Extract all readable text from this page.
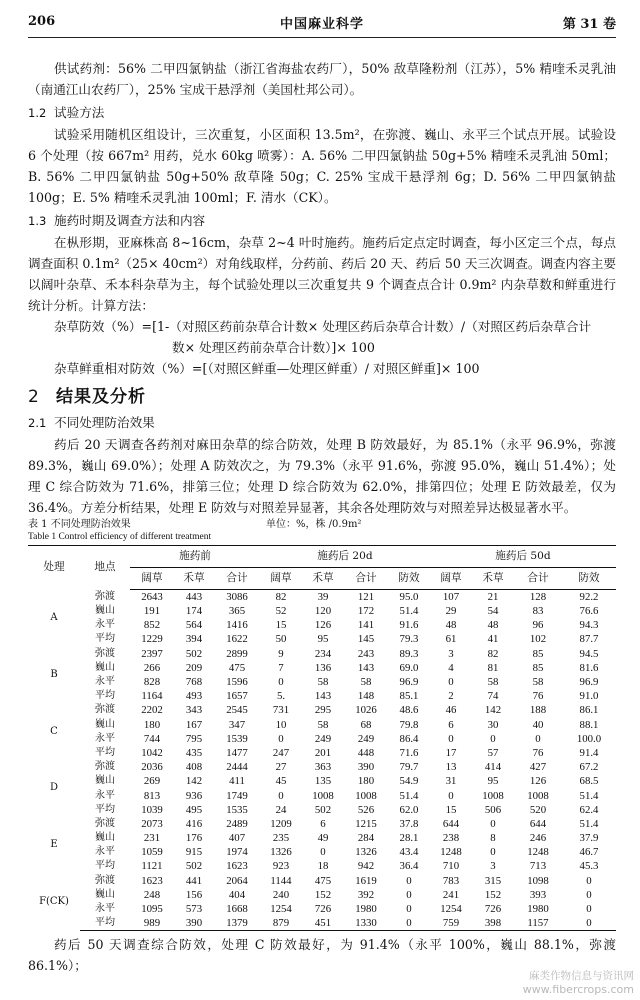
206	中国麻业科学	第 31 卷

供试药剂：56% 二甲四氯钠盐（浙江省海盐农药厂），50% 敌草隆粉剂（江苏），5% 精喹禾灵乳油（南通江山农药厂），25% 宝成干悬浮剂（美国杜邦公司）。

1.2 试验方法

试验采用随机区组设计，三次重复，小区面积 13.5m²，在弥渡、巍山、永平三个试点开展。试验设 6 个处理（按 667m² 用药，兑水 60kg 喷雾）：A. 56% 二甲四氯钠盐 50g+5% 精喹禾灵乳油 50ml；B. 56% 二甲四氯钠盐 50g+50% 敌草隆 50g；C. 25% 宝成干悬浮剂 6g；D. 56% 二甲四氯钠盐 100g；E. 5% 精喹禾灵乳油 100ml；F. 清水（CK）。

1.3 施药时期及调查方法和内容

在枞形期，亚麻株高 8~16cm，杂草 2~4 叶时施药。施药后定点定时调查，每小区定三个点，每点调查面积 0.1m²（25× 40cm²）对角线取样，分药前、药后 20 天、药后 50 天三次调查。调查内容主要以阔叶杂草、禾本科杂草为主，每个试验处理以三次重复共 9 个调查点合计 0.9m² 内杂草数和鲜重进行统计分析。计算方法：

杂草防效（%）=[1-（对照区药前杂草合计数× 处理区药后杂草合计数）/（对照区药后杂草合计
数× 处理区药前杂草合计数）]× 100
杂草鲜重相对防效（%）=[（对照区鲜重—处理区鲜重）/ 对照区鲜重]× 100
2 结果及分析
2.1 不同处理防治效果

药后 20 天调查各药剂对麻田杂草的综合防效，处理 B 防效最好，为 85.1%（永平 96.9%，弥渡 89.3%，巍山 69.0%）；处理 A 防效次之，为 79.3%（永平 91.6%，弥渡 95.0%，巍山 51.4%）；处理 C 综合防效为 71.6%，排第三位；处理 D 综合防效为 62.0%，排第四位；处理 E 防效最差，仅为 36.4%。方差分析结果，处理 E 防效与对照差异显著，其余各处理防效与对照差异达极显著水平。

表 1 不同处理防治效果	单位：%，株 /0.9m²
Table 1 Control efficiency of different treatment
处理	地点	施药前			施药后 20d				施药后 50d			
		阔草	禾草	合计	阔草	禾草	合计	防效	阔草	禾草	合计	防效
A	弥渡	2643	443	3086	82	39	121	95.0	107	21	128	92.2
	巍山	191	174	365	52	120	172	51.4	29	54	83	76.6
	永平	852	564	1416	15	126	141	91.6	48	48	96	94.3
	平均	1229	394	1622	50	95	145	79.3	61	41	102	87.7
B	弥渡	2397	502	2899	9	234	243	89.3	3	82	85	94.5
	巍山	266	209	475	7	136	143	69.0	4	81	85	81.6
	永平	828	768	1596	0	58	58	96.9	0	58	58	96.9
	平均	1164	493	1657	5.	143	148	85.1	2	74	76	91.0
C	弥渡	2202	343	2545	731	295	1026	48.6	46	142	188	86.1
	巍山	180	167	347	10	58	68	79.8	6	30	40	88.1
	永平	744	795	1539	0	249	249	86.4	0	0	0	100.0
	平均	1042	435	1477	247	201	448	71.6	17	57	76	91.4
D	弥渡	2036	408	2444	27	363	390	79.7	13	414	427	67.2
	巍山	269	142	411	45	135	180	54.9	31	95	126	68.5
	永平	813	936	1749	0	1008	1008	51.4	0	1008	1008	51.4
	平均	1039	495	1535	24	502	526	62.0	15	506	520	62.4
E	弥渡	2073	416	2489	1209	6	1215	37.8	644	0	644	51.4
	巍山	231	176	407	235	49	284	28.1	238	8	246	37.9
	永平	1059	915	1974	1326	0	1326	43.4	1248	0	1248	46.7
	平均	1121	502	1623	923	18	942	36.4	710	3	713	45.3
F(CK)	弥渡	1623	441	2064	1144	475	1619	0	783	315	1098	0
	巍山	248	156	404	240	152	392	0	241	152	393	0
	永平	1095	573	1668	1254	726	1980	0	1254	726	1980	0
	平均	989	390	1379	879	451	1330	0	759	398	1157	0

药后 50 天调查综合防效，处理 C 防效最好，为 91.4%（永平 100%，巍山 88.1%，弥渡 86.1%）；

麻类作物信息与资讯网
www.fibercrops.com
